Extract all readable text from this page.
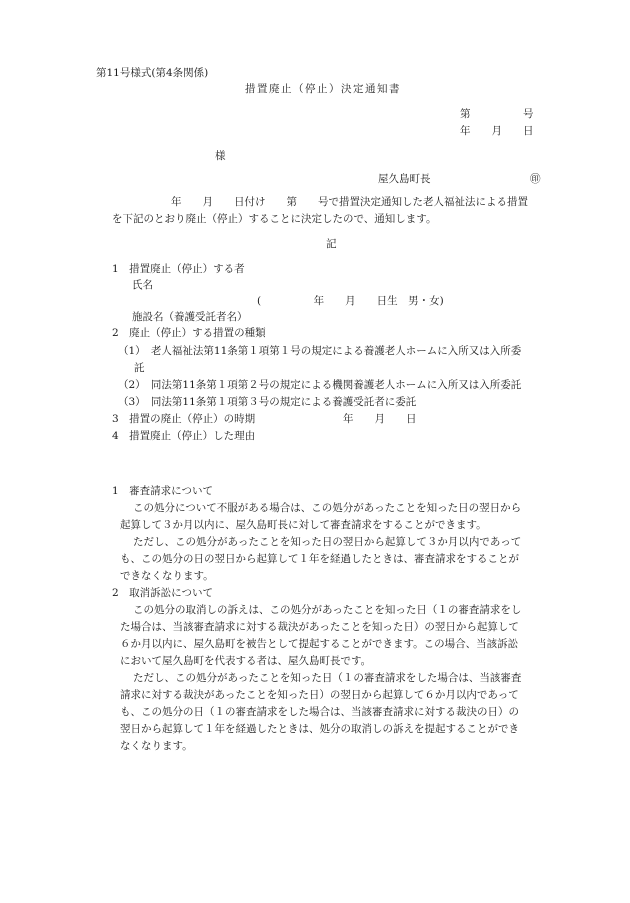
第11号様式(第4条関係)
措置廃止（停止）決定通知書
第　　　　　号
年　　月　　日
様
屋久島町長	㊞
年　　月　　日付け　　第　　号で措置決定通知した老人福祉法による措置
を下記のとおり廃止（停止）することに決定したので、通知します。
記
1　措置廃止（停止）する者
氏名
(　　　　　年　　月　　日生　男・女)
施設名（養護受託者名）
2　廃止（停止）する措置の種類
（1）　老人福祉法第11条第１項第１号の規定による養護老人ホームに入所又は入所委
託
（2）　同法第11条第１項第２号の規定による機関養護老人ホームに入所又は入所委託
（3）　同法第11条第１項第３号の規定による養護受託者に委託
3　措置の廃止（停止）の時期	年　　月　　日
4　措置廃止（停止）した理由
1　審査請求について
この処分について不服がある場合は、この処分があったことを知った日の翌日から
起算して３か月以内に、屋久島町長に対して審査請求をすることができます。
ただし、この処分があったことを知った日の翌日から起算して３か月以内であって
も、この処分の日の翌日から起算して１年を経過したときは、審査請求をすることが
できなくなります。
2　取消訴訟について
この処分の取消しの訴えは、この処分があったことを知った日（１の審査請求をし
た場合は、当該審査請求に対する裁決があったことを知った日）の翌日から起算して
６か月以内に、屋久島町を被告として提起することができます。この場合、当該訴訟
において屋久島町を代表する者は、屋久島町長です。
ただし、この処分があったことを知った日（１の審査請求をした場合は、当該審査
請求に対する裁決があったことを知った日）の翌日から起算して６か月以内であって
も、この処分の日（１の審査請求をした場合は、当該審査請求に対する裁決の日）の
翌日から起算して１年を経過したときは、処分の取消しの訴えを提起することができ
なくなります。
